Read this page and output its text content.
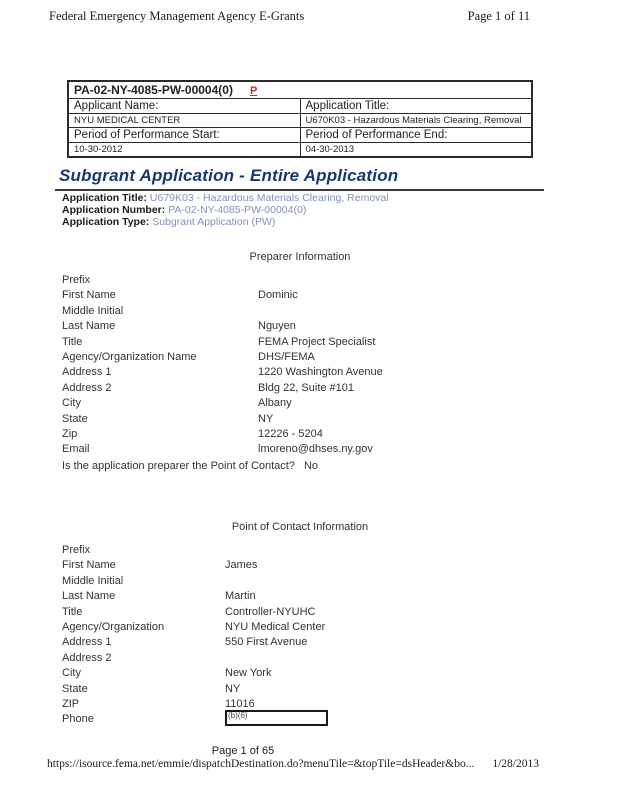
Federal Emergency Management Agency E-Grants	Page 1 of 11
PA-02-NY-4085-PW-00004(0) P	
Applicant Name:	Application Title:
NYU MEDICAL CENTER	U670K03 - Hazardous Materials Clearing, Removal
Period of Performance Start:	Period of Performance End:
10-30-2012	04-30-2013
Subgrant Application - Entire Application
Application Title: U679K03 - Hazardous Materials Clearing, Removal
Application Number: PA-02-NY-4085-PW-00004(0)
Application Type: Subgrant Application (PW)
Preparer Information
Prefix
First Name	Dominic
Middle Initial
Last Name	Nguyen
Title	FEMA Project Specialist
Agency/Organization Name	DHS/FEMA
Address 1	1220 Washington Avenue
Address 2	Bldg 22, Suite #101
City	Albany
State	NY
Zip	12226 - 5204
Email	lmoreno@dhses.ny.gov
Is the application preparer the Point of Contact? No
Point of Contact Information
Prefix
First Name	James
Middle Initial
Last Name	Martin
Title	Controller-NYUHC
Agency/Organization	NYU Medical Center
Address 1	550 First Avenue
Address 2
City	New York
State	NY
ZIP	11016
Phone	(b)(6)
Page 1 of 65
https://isource.fema.net/emmie/dispatchDestination.do?menuTile=&topTile=dsHeader&bo... 1/28/2013
